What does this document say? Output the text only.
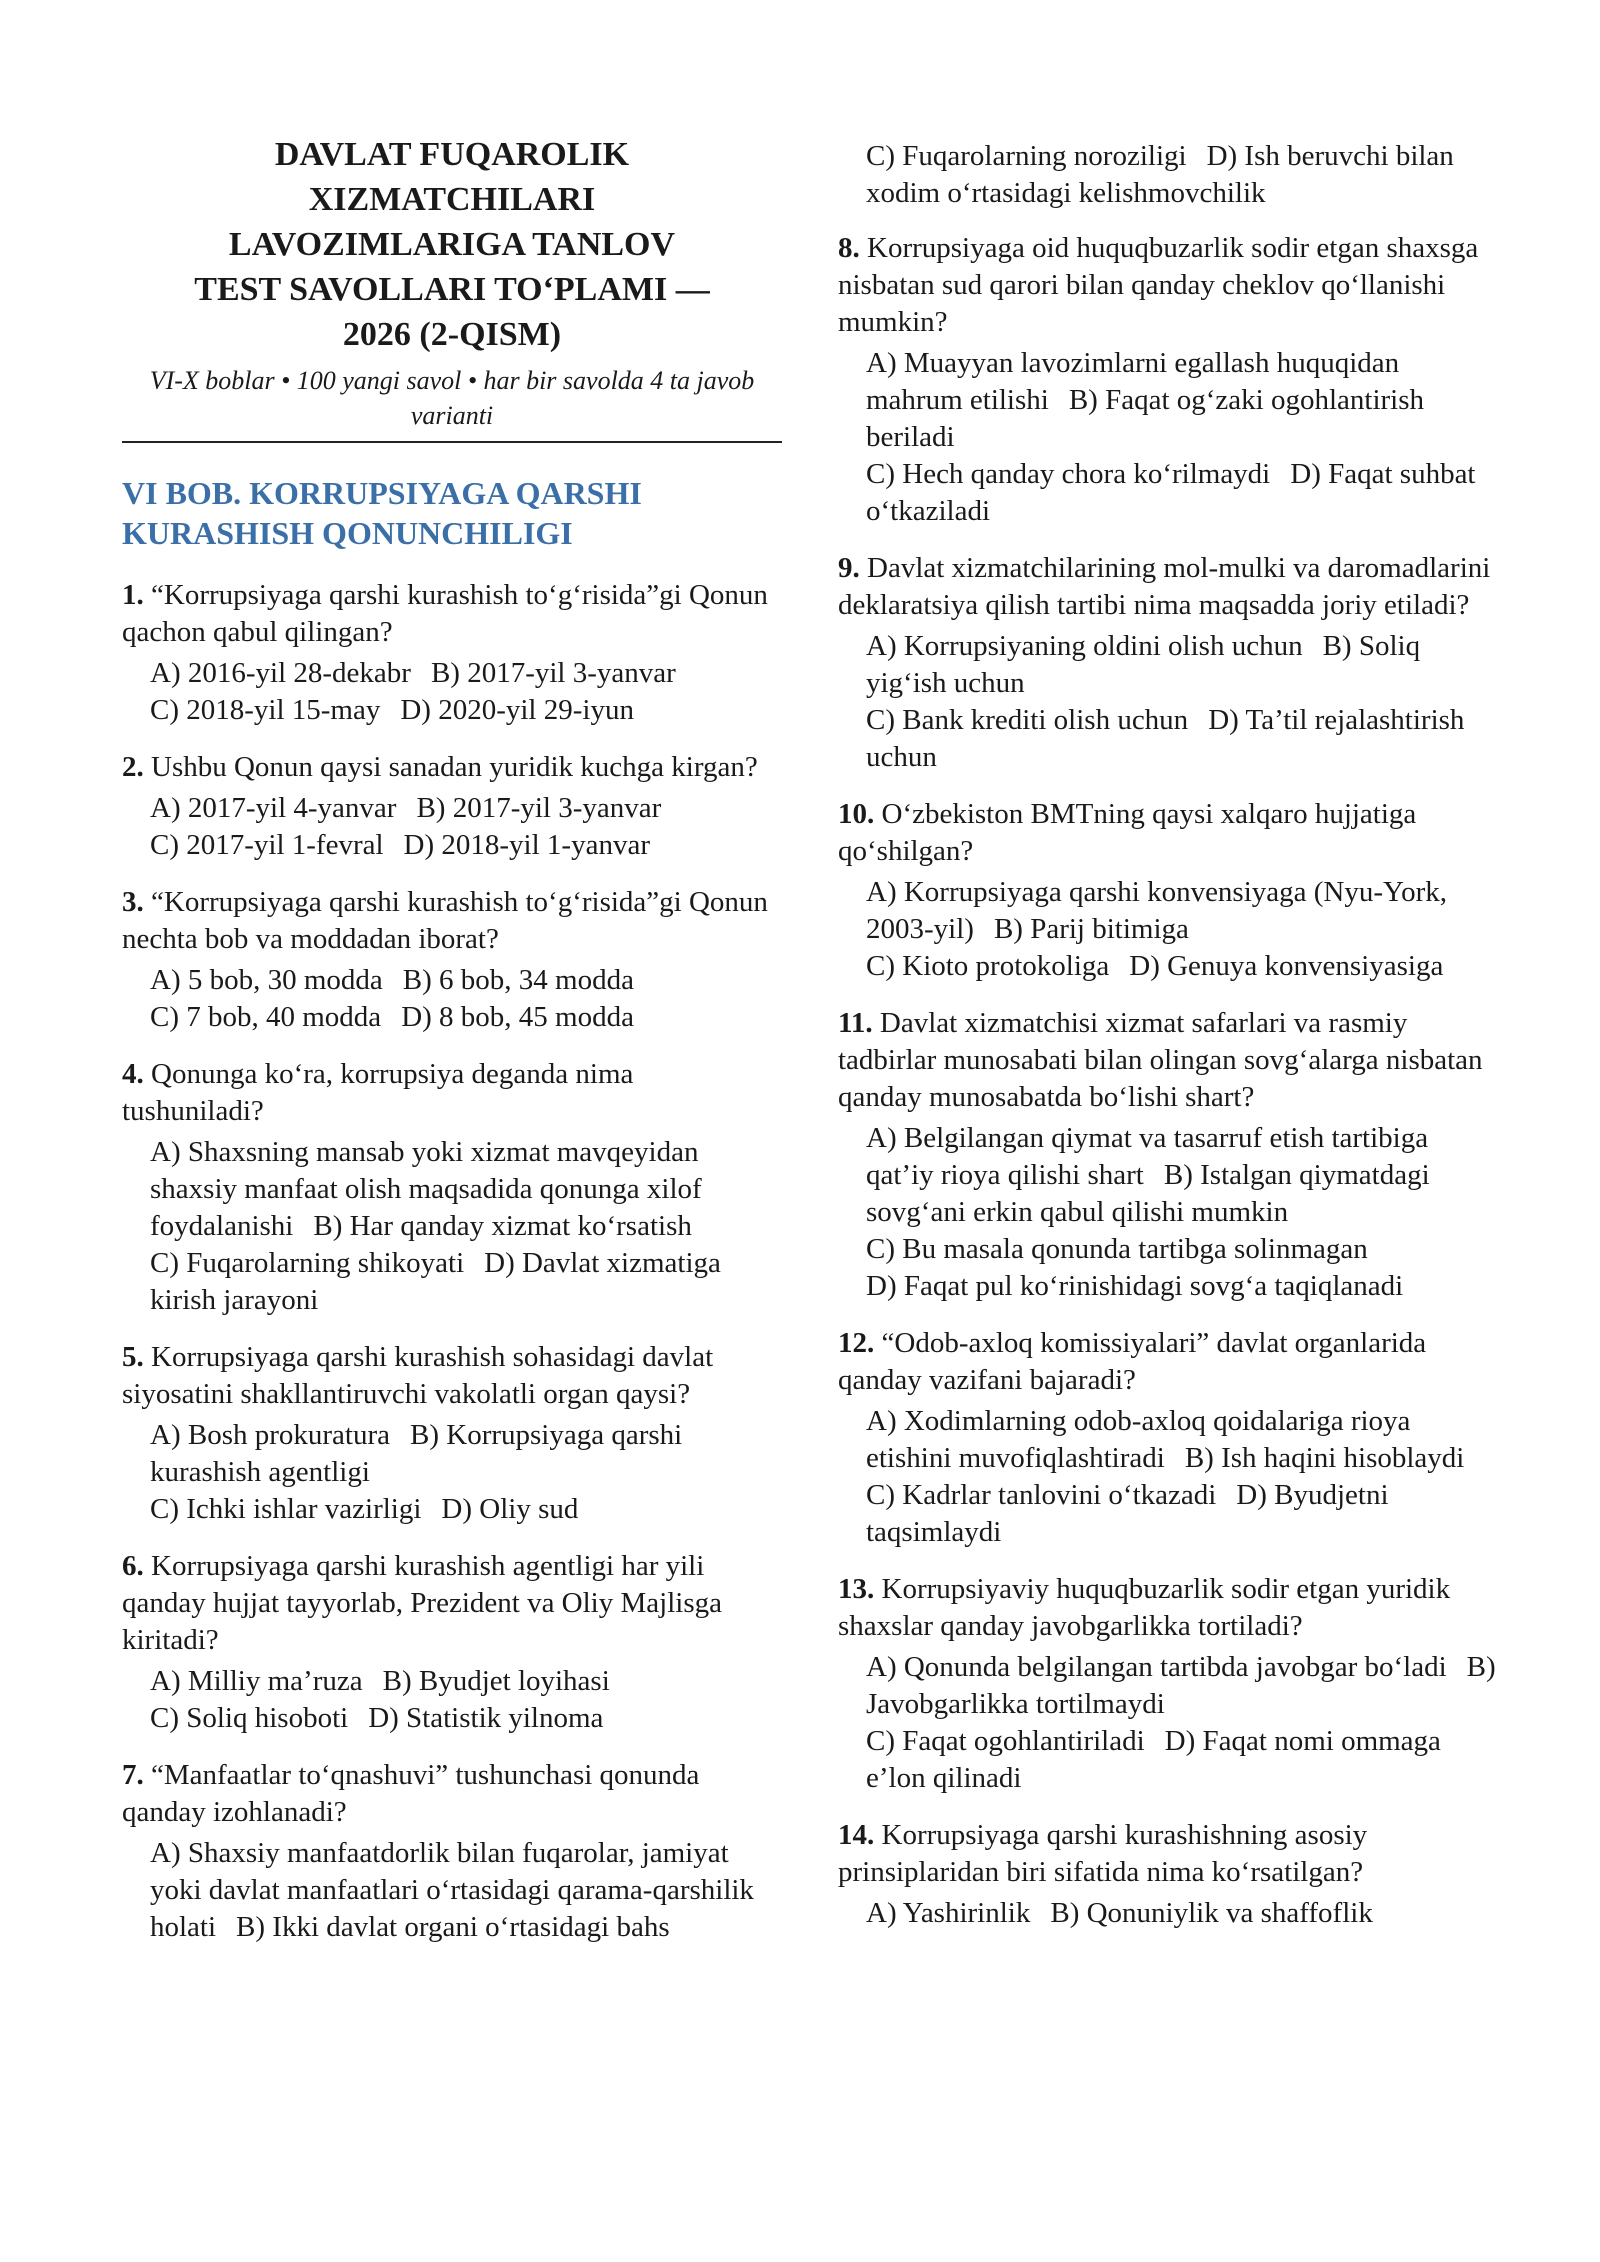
DAVLAT FUQAROLIK
XIZMATCHILARI
LAVOZIMLARIGA TANLOV
TEST SAVOLLARI TO‘PLAMI —
2026 (2-QISM)

VI-X boblar • 100 yangi savol • har bir savolda 4 ta javob varianti

VI BOB. KORRUPSIYAGA QARSHI
KURASHISH QONUNCHILIGI

1. “Korrupsiyaga qarshi kurashish to‘g‘risida”gi Qonun qachon qabul qilingan?

A) 2016-yil 28-dekabr B) 2017-yil 3-yanvar

C) 2018-yil 15-may D) 2020-yil 29-iyun

2. Ushbu Qonun qaysi sanadan yuridik kuchga kirgan?

A) 2017-yil 4-yanvar B) 2017-yil 3-yanvar

C) 2017-yil 1-fevral D) 2018-yil 1-yanvar

3. “Korrupsiyaga qarshi kurashish to‘g‘risida”gi Qonun nechta bob va moddadan iborat?

A) 5 bob, 30 modda B) 6 bob, 34 modda

C) 7 bob, 40 modda D) 8 bob, 45 modda

4. Qonunga ko‘ra, korrupsiya deganda nima tushuniladi?

A) Shaxsning mansab yoki xizmat mavqeyidan shaxsiy manfaat olish maqsadida qonunga xilof foydalanishi B) Har qanday xizmat ko‘rsatish

C) Fuqarolarning shikoyati D) Davlat xizmatiga kirish jarayoni

5. Korrupsiyaga qarshi kurashish sohasidagi davlat siyosatini shakllantiruvchi vakolatli organ qaysi?

A) Bosh prokuratura B) Korrupsiyaga qarshi kurashish agentligi

C) Ichki ishlar vazirligi D) Oliy sud

6. Korrupsiyaga qarshi kurashish agentligi har yili qanday hujjat tayyorlab, Prezident va Oliy Majlisga kiritadi?

A) Milliy ma’ruza B) Byudjet loyihasi

C) Soliq hisoboti D) Statistik yilnoma

7. “Manfaatlar to‘qnashuvi” tushunchasi qonunda qanday izohlanadi?

A) Shaxsiy manfaatdorlik bilan fuqarolar, jamiyat yoki davlat manfaatlari o‘rtasidagi qarama-qarshilik holati B) Ikki davlat organi o‘rtasidagi bahs

C) Fuqarolarning noroziligi D) Ish beruvchi bilan xodim o‘rtasidagi kelishmovchilik

8. Korrupsiyaga oid huquqbuzarlik sodir etgan shaxsga nisbatan sud qarori bilan qanday cheklov qo‘llanishi mumkin?

A) Muayyan lavozimlarni egallash huquqidan mahrum etilishi B) Faqat og‘zaki ogohlantirish beriladi

C) Hech qanday chora ko‘rilmaydi D) Faqat suhbat o‘tkaziladi

9. Davlat xizmatchilarining mol-mulki va daromadlarini deklaratsiya qilish tartibi nima maqsadda joriy etiladi?

A) Korrupsiyaning oldini olish uchun B) Soliq yig‘ish uchun

C) Bank krediti olish uchun D) Ta’til rejalashtirish uchun

10. O‘zbekiston BMTning qaysi xalqaro hujjatiga qo‘shilgan?

A) Korrupsiyaga qarshi konvensiyaga (Nyu-York, 2003-yil) B) Parij bitimiga

C) Kioto protokoliga D) Genuya konvensiyasiga

11. Davlat xizmatchisi xizmat safarlari va rasmiy tadbirlar munosabati bilan olingan sovg‘alarga nisbatan qanday munosabatda bo‘lishi shart?

A) Belgilangan qiymat va tasarruf etish tartibiga qat’iy rioya qilishi shart B) Istalgan qiymatdagi sovg‘ani erkin qabul qilishi mumkin

C) Bu masala qonunda tartibga solinmagan

D) Faqat pul ko‘rinishidagi sovg‘a taqiqlanadi

12. “Odob-axloq komissiyalari” davlat organlarida qanday vazifani bajaradi?

A) Xodimlarning odob-axloq qoidalariga rioya etishini muvofiqlashtiradi B) Ish haqini hisoblaydi

C) Kadrlar tanlovini o‘tkazadi D) Byudjetni taqsimlaydi

13. Korrupsiyaviy huquqbuzarlik sodir etgan yuridik shaxslar qanday javobgarlikka tortiladi?

A) Qonunda belgilangan tartibda javobgar bo‘ladi B) Javobgarlikka tortilmaydi

C) Faqat ogohlantiriladi D) Faqat nomi ommaga e’lon qilinadi

14. Korrupsiyaga qarshi kurashishning asosiy prinsiplaridan biri sifatida nima ko‘rsatilgan?

A) Yashirinlik B) Qonuniylik va shaffoflik
